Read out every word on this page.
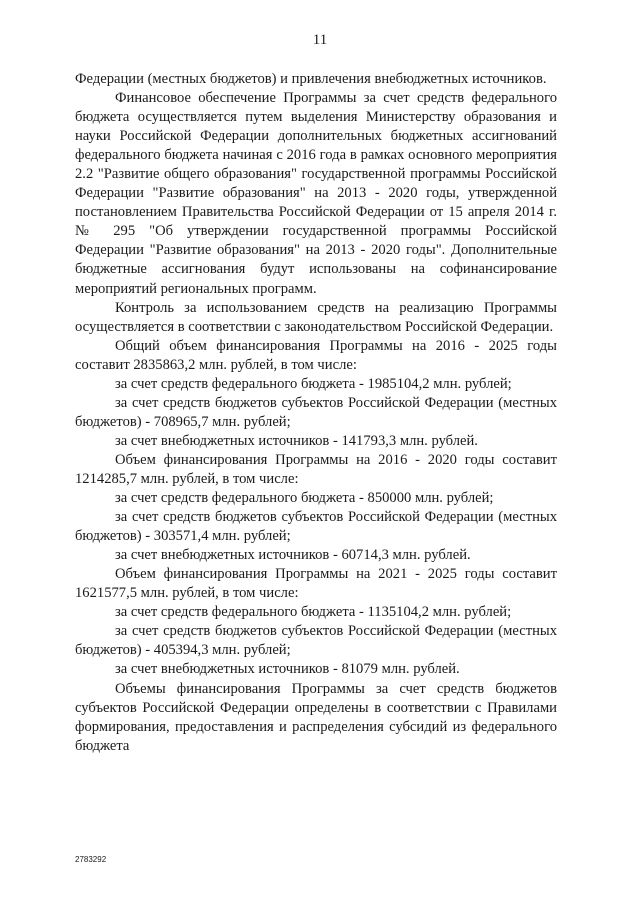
11

Федерации (местных бюджетов) и привлечения внебюджетных источников.

Финансовое обеспечение Программы за счет средств федерального бюджета осуществляется путем выделения Министерству образования и науки Российской Федерации дополнительных бюджетных ассигнований федерального бюджета начиная с 2016 года в рамках основного мероприятия 2.2 "Развитие общего образования" государственной программы Российской Федерации "Развитие образования" на 2013 - 2020 годы, утвержденной постановлением Правительства Российской Федерации от 15 апреля 2014 г. № 295 "Об утверждении государственной программы Российской Федерации "Развитие образования" на 2013 - 2020 годы". Дополнительные бюджетные ассигнования будут использованы на софинансирование мероприятий региональных программ.

Контроль за использованием средств на реализацию Программы осуществляется в соответствии с законодательством Российской Федерации.

Общий объем финансирования Программы на 2016 - 2025 годы составит 2835863,2 млн. рублей, в том числе:

за счет средств федерального бюджета - 1985104,2 млн. рублей;

за счет средств бюджетов субъектов Российской Федерации (местных бюджетов) - 708965,7 млн. рублей;

за счет внебюджетных источников - 141793,3 млн. рублей.

Объем финансирования Программы на 2016 - 2020 годы составит 1214285,7 млн. рублей, в том числе:

за счет средств федерального бюджета - 850000 млн. рублей;

за счет средств бюджетов субъектов Российской Федерации (местных бюджетов) - 303571,4 млн. рублей;

за счет внебюджетных источников - 60714,3 млн. рублей.

Объем финансирования Программы на 2021 - 2025 годы составит 1621577,5 млн. рублей, в том числе:

за счет средств федерального бюджета - 1135104,2 млн. рублей;

за счет средств бюджетов субъектов Российской Федерации (местных бюджетов) - 405394,3 млн. рублей;

за счет внебюджетных источников - 81079 млн. рублей.

Объемы финансирования Программы за счет средств бюджетов субъектов Российской Федерации определены в соответствии с Правилами формирования, предоставления и распределения субсидий из федерального бюджета

2783292
